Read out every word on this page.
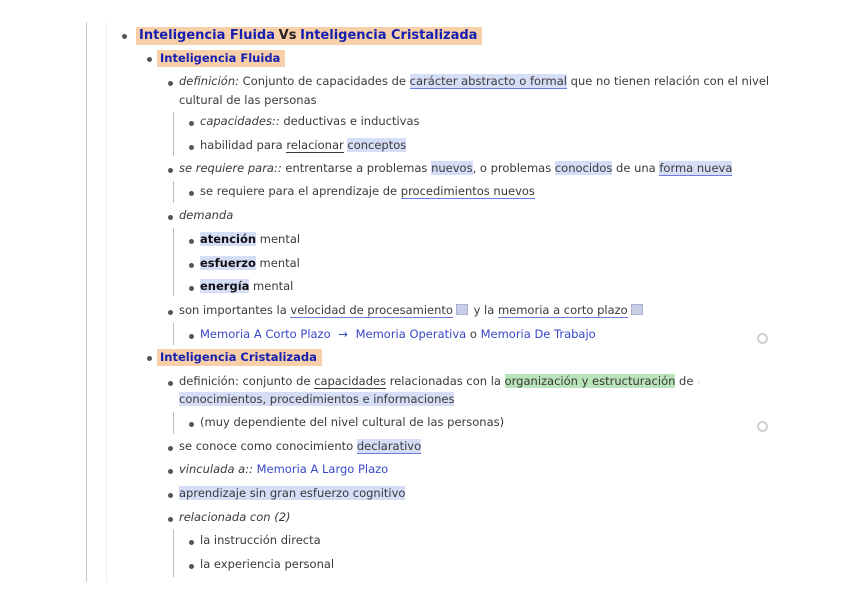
Inteligencia Fluida Vs Inteligencia Cristalizada
Inteligencia Fluida
definición: Conjunto de capacidades de carácter abstracto o formal que no tienen relación con el nivel
cultural de las personas
capacidades:: deductivas e inductivas
habilidad para relacionar conceptos
se requiere para:: entrentarse a problemas nuevos, o problemas conocidos de una forma nueva
se requiere para el aprendizaje de procedimientos nuevos
demanda
atención mental
esfuerzo mental
energía mental
son importantes la velocidad de procesamiento y la memoria a corto plazo
Memoria A Corto Plazo → Memoria Operativa o Memoria De Trabajo
Inteligencia Cristalizada
definición: conjunto de capacidades relacionadas con la organización y estructuración de ›
conocimientos, procedimientos e informaciones
(muy dependiente del nivel cultural de las personas)
se conoce como conocimiento declarativo
vinculada a:: Memoria A Largo Plazo
aprendizaje sin gran esfuerzo cognitivo
relacionada con (2)
la instrucción directa
la experiencia personal
